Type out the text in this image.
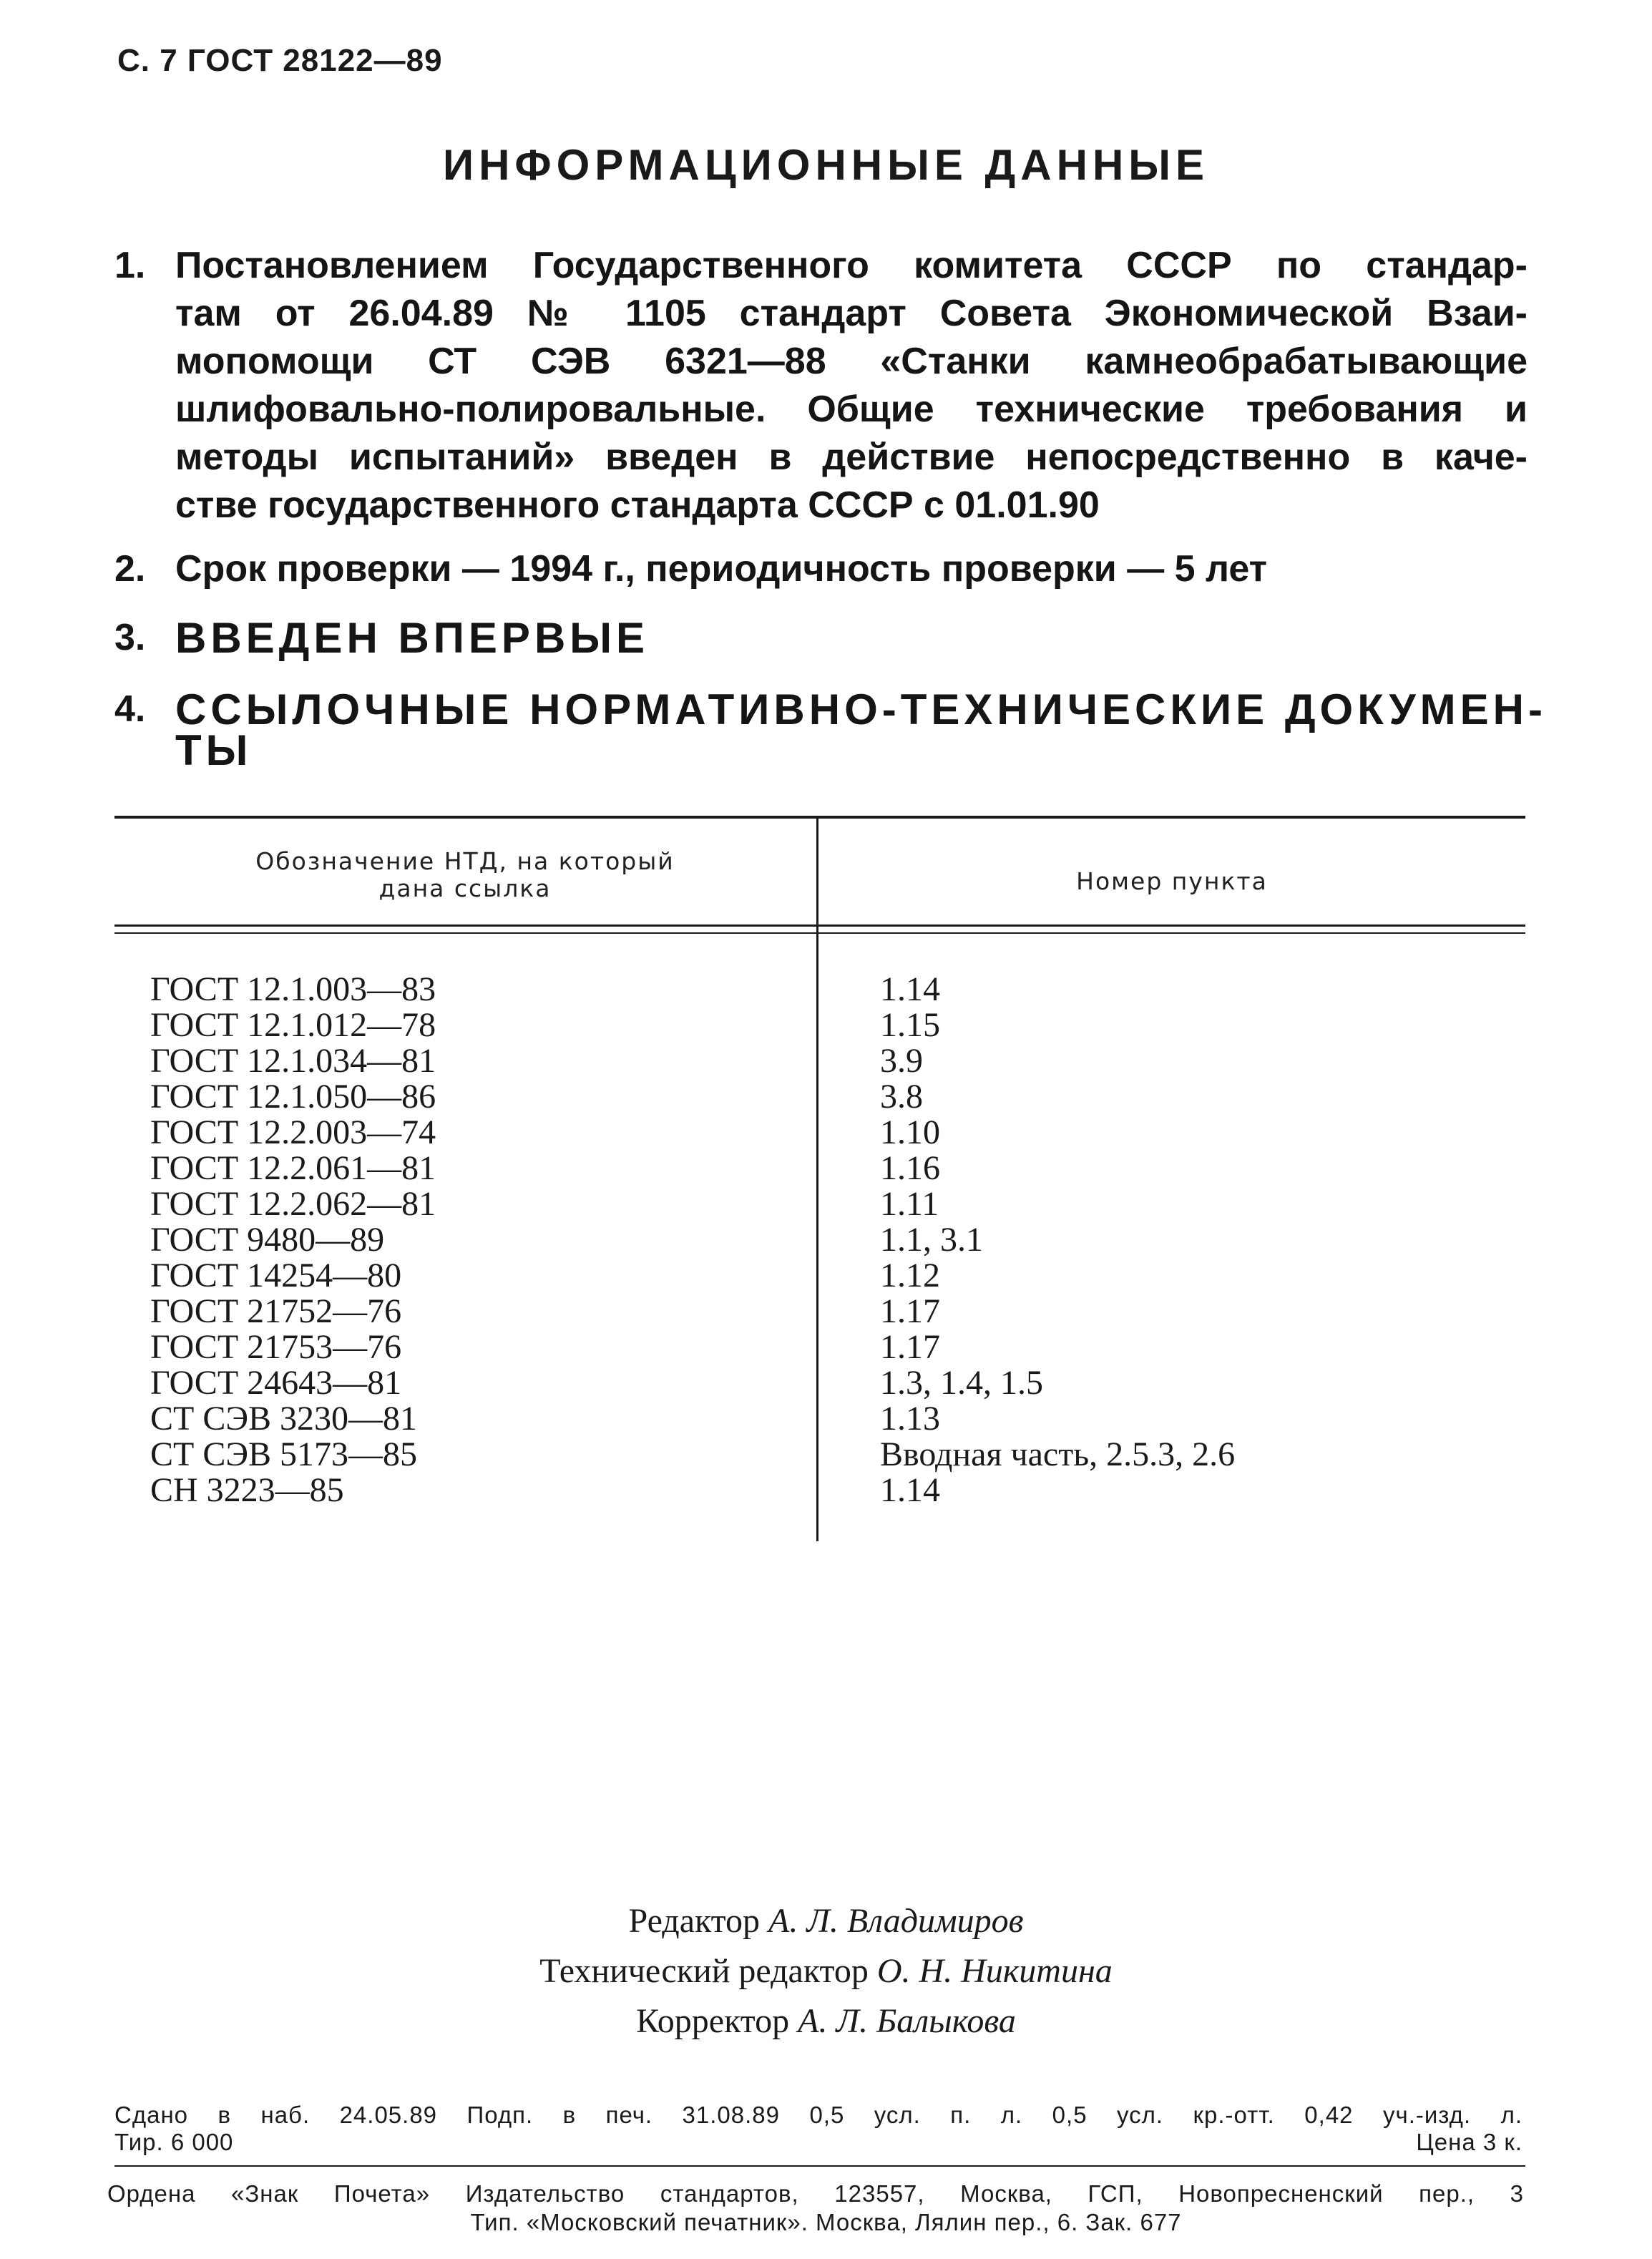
С. 7 ГОСТ 28122—89
ИНФОРМАЦИОННЫЕ ДАННЫЕ
1. Постановлением Государственного комитета СССР по стандар-
там от 26.04.89 № 1105 стандарт Совета Экономической Взаи-
мопомощи СТ СЭВ 6321—88 «Станки камнеобрабатывающие
шлифовально-полировальные. Общие технические требования и
методы испытаний» введен в действие непосредственно в каче-
стве государственного стандарта СССР с 01.01.90
2. Срок проверки — 1994 г., периодичность проверки — 5 лет
3. ВВЕДЕН ВПЕРВЫЕ
4. ССЫЛОЧНЫЕ НОРМАТИВНО-ТЕХНИЧЕСКИЕ ДОКУМЕН-
ТЫ
Обозначение НТД, на который
дана ссылка	Номер пункта
ГОСТ 12.1.003—83	1.14
ГОСТ 12.1.012—78	1.15
ГОСТ 12.1.034—81	3.9
ГОСТ 12.1.050—86	3.8
ГОСТ 12.2.003—74	1.10
ГОСТ 12.2.061—81	1.16
ГОСТ 12.2.062—81	1.11
ГОСТ 9480—89	1.1, 3.1
ГОСТ 14254—80	1.12
ГОСТ 21752—76	1.17
ГОСТ 21753—76	1.17
ГОСТ 24643—81	1.3, 1.4, 1.5
СТ СЭВ 3230—81	1.13
СТ СЭВ 5173—85	Вводная часть, 2.5.3, 2.6
СН 3223—85	1.14
Редактор А. Л. Владимиров
Технический редактор О. Н. Никитина
Корректор А. Л. Балыкова
Сдано в наб. 24.05.89 Подп. в печ. 31.08.89 0,5 усл. п. л. 0,5 усл. кр.-отт. 0,42 уч.-изд. л.
Тир. 6 000	Цена 3 к.
Ордена «Знак Почета» Издательство стандартов, 123557, Москва, ГСП, Новопресненский пер., 3
Тип. «Московский печатник». Москва, Лялин пер., 6. Зак. 677
